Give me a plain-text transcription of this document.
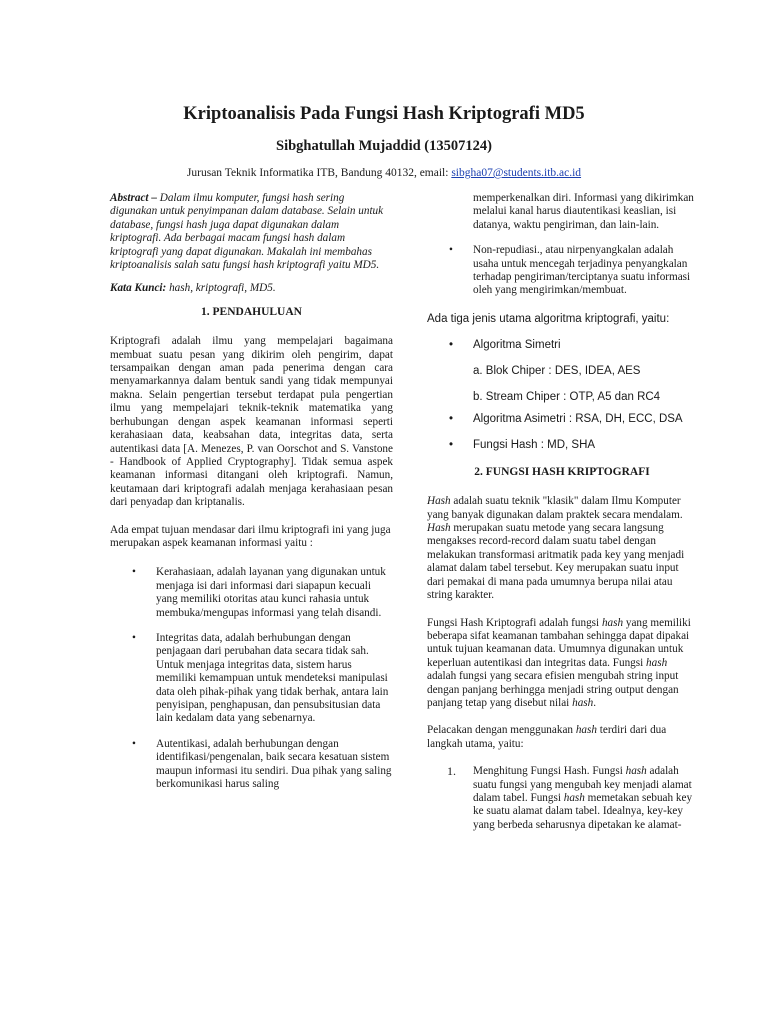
Kriptoanalisis Pada Fungsi Hash Kriptografi MD5
Sibghatullah Mujaddid (13507124)
Jurusan Teknik Informatika ITB, Bandung 40132, email: sibgha07@students.itb.ac.id

Abstract – Dalam ilmu komputer, fungsi hash sering digunakan untuk penyimpanan dalam database. Selain untuk database, fungsi hash juga dapat digunakan dalam kriptografi. Ada berbagai macam fungsi hash dalam kriptografi yang dapat digunakan. Makalah ini membahas kriptoanalisis salah satu fungsi hash kriptografi yaitu MD5.

Kata Kunci: hash, kriptografi, MD5.

1. PENDAHULUAN

Kriptografi adalah ilmu yang mempelajari bagaimana membuat suatu pesan yang dikirim oleh pengirim, dapat tersampaikan dengan aman pada penerima dengan cara menyamarkannya dalam bentuk sandi yang tidak mempunyai makna. Selain pengertian tersebut terdapat pula pengertian ilmu yang mempelajari teknik-teknik matematika yang berhubungan dengan aspek keamanan informasi seperti kerahasiaan data, keabsahan data, integritas data, serta autentikasi data [A. Menezes, P. van Oorschot and S. Vanstone - Handbook of Applied Cryptography]. Tidak semua aspek keamanan informasi ditangani oleh kriptografi. Namun, keutamaan dari kriptografi adalah menjaga kerahasiaan pesan dari penyadap dan kriptanalis.

Ada empat tujuan mendasar dari ilmu kriptografi ini yang juga merupakan aspek keamanan informasi yaitu :

• Kerahasiaan, adalah layanan yang digunakan untuk menjaga isi dari informasi dari siapapun kecuali yang memiliki otoritas atau kunci rahasia untuk membuka/mengupas informasi yang telah disandi.
• Integritas data, adalah berhubungan dengan penjagaan dari perubahan data secara tidak sah. Untuk menjaga integritas data, sistem harus memiliki kemampuan untuk mendeteksi manipulasi data oleh pihak-pihak yang tidak berhak, antara lain penyisipan, penghapusan, dan pensubsitusian data lain kedalam data yang sebenarnya.
• Autentikasi, adalah berhubungan dengan identifikasi/pengenalan, baik secara kesatuan sistem maupun informasi itu sendiri. Dua pihak yang saling berkomunikasi harus saling
memperkenalkan diri. Informasi yang dikirimkan melalui kanal harus diautentikasi keaslian, isi datanya, waktu pengiriman, dan lain-lain.
• Non-repudiasi., atau nirpenyangkalan adalah usaha untuk mencegah terjadinya penyangkalan terhadap pengiriman/terciptanya suatu informasi oleh yang mengirimkan/membuat.

Ada tiga jenis utama algoritma kriptografi, yaitu:

• Algoritma Simetri

a. Blok Chiper : DES, IDEA, AES

b. Stream Chiper : OTP, A5 dan RC4

• Algoritma Asimetri : RSA, DH, ECC, DSA
• Fungsi Hash : MD, SHA

2. FUNGSI HASH KRIPTOGRAFI

Hash adalah suatu teknik "klasik" dalam Ilmu Komputer yang banyak digunakan dalam praktek secara mendalam. Hash merupakan suatu metode yang secara langsung mengakses record-record dalam suatu tabel dengan melakukan transformasi aritmatik pada key yang menjadi alamat dalam tabel tersebut. Key merupakan suatu input dari pemakai di mana pada umumnya berupa nilai atau string karakter.

Fungsi Hash Kriptografi adalah fungsi hash yang memiliki beberapa sifat keamanan tambahan sehingga dapat dipakai untuk tujuan keamanan data. Umumnya digunakan untuk keperluan autentikasi dan integritas data. Fungsi hash adalah fungsi yang secara efisien mengubah string input dengan panjang berhingga menjadi string output dengan panjang tetap yang disebut nilai hash.

Pelacakan dengan menggunakan hash terdiri dari dua langkah utama, yaitu:

1. Menghitung Fungsi Hash. Fungsi hash adalah suatu fungsi yang mengubah key menjadi alamat dalam tabel. Fungsi hash memetakan sebuah key ke suatu alamat dalam tabel. Idealnya, key-key yang berbeda seharusnya dipetakan ke alamat-
